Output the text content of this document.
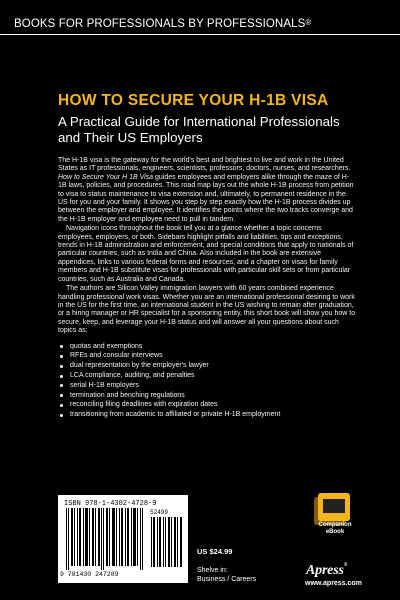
BOOKS FOR PROFESSIONALS BY PROFESSIONALS®
HOW TO SECURE YOUR H-1B VISA
A Practical Guide for International Professionals and Their US Employers

The H-1B visa is the gateway for the world's best and brightest to live and work in the United States as IT professionals, engineers, scientists, professors, doctors, nurses, and researchers. How to Secure Your H 1B Visa guides employees and employers alike through the maze of H-1B laws, policies, and procedures. This road map lays out the whole H-1B process from petition to visa to status maintenance to visa extension and, ultimately, to permanent residence in the US for you and your family. It shows you step by step exactly how the H-1B process divides up between the employer and employee. It identifies the points where the two tracks converge and the H-1B employer and employee need to pull in tandem.

Navigation icons throughout the book tell you at a glance whether a topic concerns employees, employers, or both. Sidebars highlight pitfalls and liabilities, tips and exceptions, trends in H-1B administration and enforcement, and special conditions that apply to nationals of particular countries, such as India and China. Also included in the book are extensive appendices, links to various federal forms and resources, and a chapter on visas for family members and H-1B substitute visas for professionals with particular skill sets or from particular countries, such as Australia and Canada.

The authors are Silicon Valley immigration lawyers with 60 years combined experience handling professional work visas. Whether you are an international professional desiring to work in the US for the first time, an international student in the US wishing to remain after graduation, or a hiring manager or HR specialist for a sponsoring entity, this short book will show you how to secure, keep, and leverage your H-1B status and will answer all your questions about such topics as:

quotas and exemptions
RFEs and consular interviews
dual representation by the employer's lawyer
LCA compliance, auditing, and penalties
serial H-1B employers
termination and benching regulations
reconciling filing deadlines with expiration dates
transitioning from academic to affiliated or private H-1B employment
ISBN 978-1-4302-4728-9
52499
9 781430 247289
US $24.99
Shelve in:
Business / Careers
Companion
eBook
Apress®
www.apress.com
